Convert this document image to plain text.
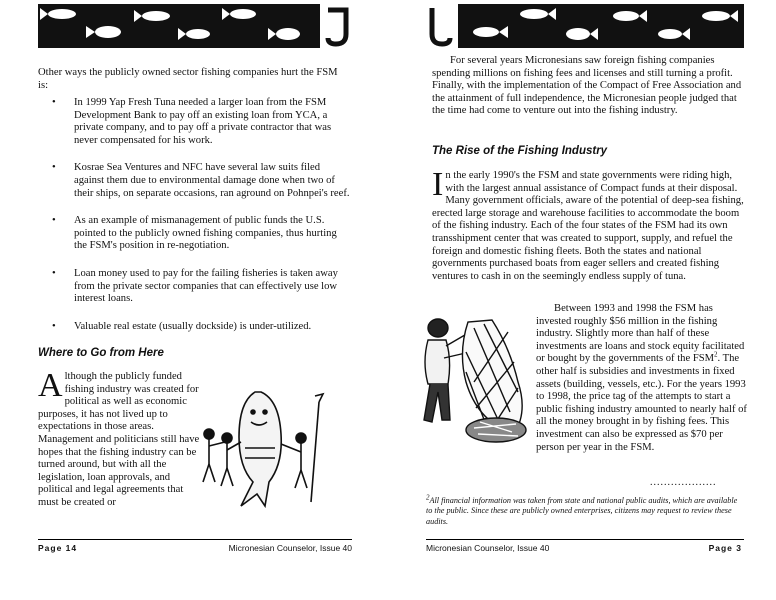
Other ways the publicly owned sector fishing companies hurt the FSM is:

• In 1999 Yap Fresh Tuna needed a larger loan from the FSM Development Bank to pay off an existing loan from YCA, a private company, and to pay off a private contractor that was never compensated for his work.
• Kosrae Sea Ventures and NFC have several law suits filed against them due to environmental damage done when two of their ships, on separate occasions, ran aground on Pohnpei's reef.
• As an example of mismanagement of public funds the U.S. pointed to the publicly owned fishing companies, thus hurting the FSM's position in re-negotiation.
• Loan money used to pay for the failing fisheries is taken away from the private sector companies that can effectively use low interest loans.
• Valuable real estate (usually dockside) is under-utilized.
Where to Go from Here

Although the publicly funded fishing industry was created for political as well as economic purposes, it has not lived up to expectations in those areas. Management and politicians still have hopes that the fishing industry can be turned around, but with all the legislation, loan approvals, and political and legal agreements that must be created or

Page 14	Micronesian Counselor, Issue 40

For several years Micronesians saw foreign fishing companies spending millions on fishing fees and licenses and still turning a profit. Finally, with the implementation of the Compact of Free Association and the attainment of full independence, the Micronesian people judged that the time had come to venture out into the fishing industry.

The Rise of the Fishing Industry

In the early 1990's the FSM and state governments were riding high, with the largest annual assistance of Compact funds at their disposal. Many government officials, aware of the potential of deep-sea fishing, erected large storage and warehouse facilities to accommodate the boom of the fishing industry. Each of the four states of the FSM had its own transshipment center that was created to support, supply, and refuel the foreign and domestic fishing fleets. Both the states and national governments purchased boats from eager sellers and created fishing ventures to cash in on the seemingly endless supply of tuna.

Between 1993 and 1998 the FSM has invested roughly $56 million in the fishing industry. Slightly more than half of these investments are loans and stock equity facilitated or bought by the governments of the FSM$^2$. The other half is subsidies and investments in fixed assets (building, vessels, etc.). For the years 1993 to 1998, the price tag of the attempts to start a public fishing industry amounted to nearly half of all the money brought in by fishing fees. This investment can also be expressed as $70 per person per year in the FSM.

...................

$^2$All financial information was taken from state and national public audits, which are available to the public. Since these are publicly owned enterprises, citizens may request to review these audits.

Micronesian Counselor, Issue 40	Page 3
